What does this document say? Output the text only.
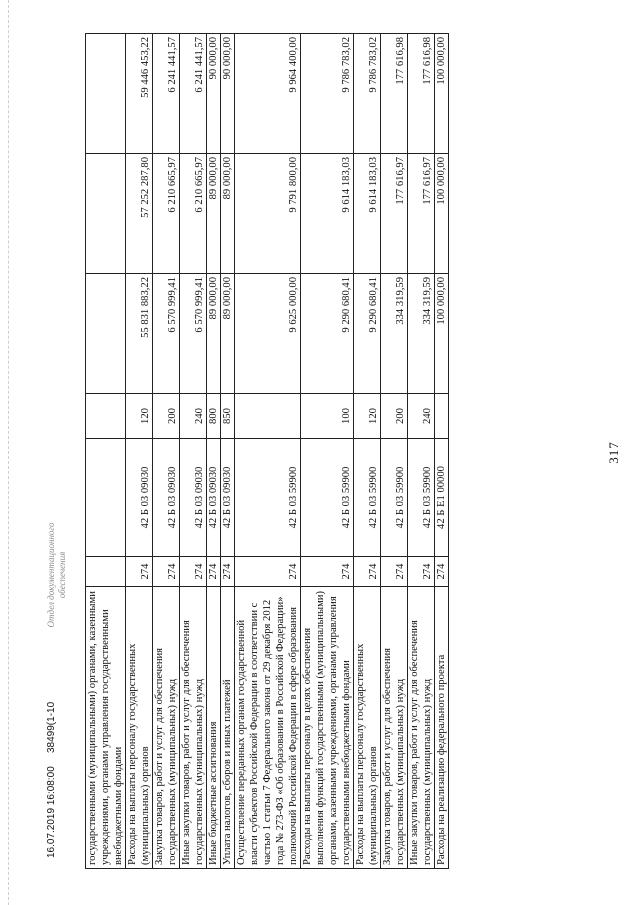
317
государственными (муниципальными) органами, казенными учреждениями, органами управления государственными внебюджетными фондами						
Расходы на выплаты персоналу государственных (муниципальных) органов	274	42 Б 03 09030	120	55 831 883,22	57 252 287,80	59 446 453,22
Закупка товаров, работ и услуг для обеспечения государственных (муниципальных) нужд	274	42 Б 03 09030	200	6 570 999,41	6 210 665,97	6 241 441,57
Иные закупки товаров, работ и услуг для обеспечения государственных (муниципальных) нужд	274	42 Б 03 09030	240	6 570 999,41	6 210 665,97	6 241 441,57
Иные бюджетные ассигнования	274	42 Б 03 09030	800	89 000,00	89 000,00	90 000,00
Уплата налогов, сборов и иных платежей	274	42 Б 03 09030	850	89 000,00	89 000,00	90 000,00
Осуществление переданных органам государственной власти субъектов Российской Федерации в соответствии с частью 1 статьи 7 Федерального закона от 29 декабря 2012 года № 273-ФЗ «Об образовании в Российской Федерации» полномочий Российской Федерации в сфере образования	274	42 Б 03 59900		9 625 000,00	9 791 800,00	9 964 400,00
Расходы на выплаты персоналу в целях обеспечения выполнения функций государственными (муниципальными) органами, казенными учреждениями, органами управления государственными внебюджетными фондами	274	42 Б 03 59900	100	9 290 680,41	9 614 183,03	9 786 783,02
Расходы на выплаты персоналу государственных (муниципальных) органов	274	42 Б 03 59900	120	9 290 680,41	9 614 183,03	9 786 783,02
Закупка товаров, работ и услуг для обеспечения государственных (муниципальных) нужд	274	42 Б 03 59900	200	334 319,59	177 616,97	177 616,98
Иные закупки товаров, работ и услуг для обеспечения государственных (муниципальных) нужд	274	42 Б 03 59900	240	334 319,59	177 616,97	177 616,98
Расходы на реализацию федерального проекта	274	42 Б Е1 00000		100 000,00	100 000,00	100 000,00
16.07.2019 16:08:00
38499(1-10
Отдел документационного обеспечения
